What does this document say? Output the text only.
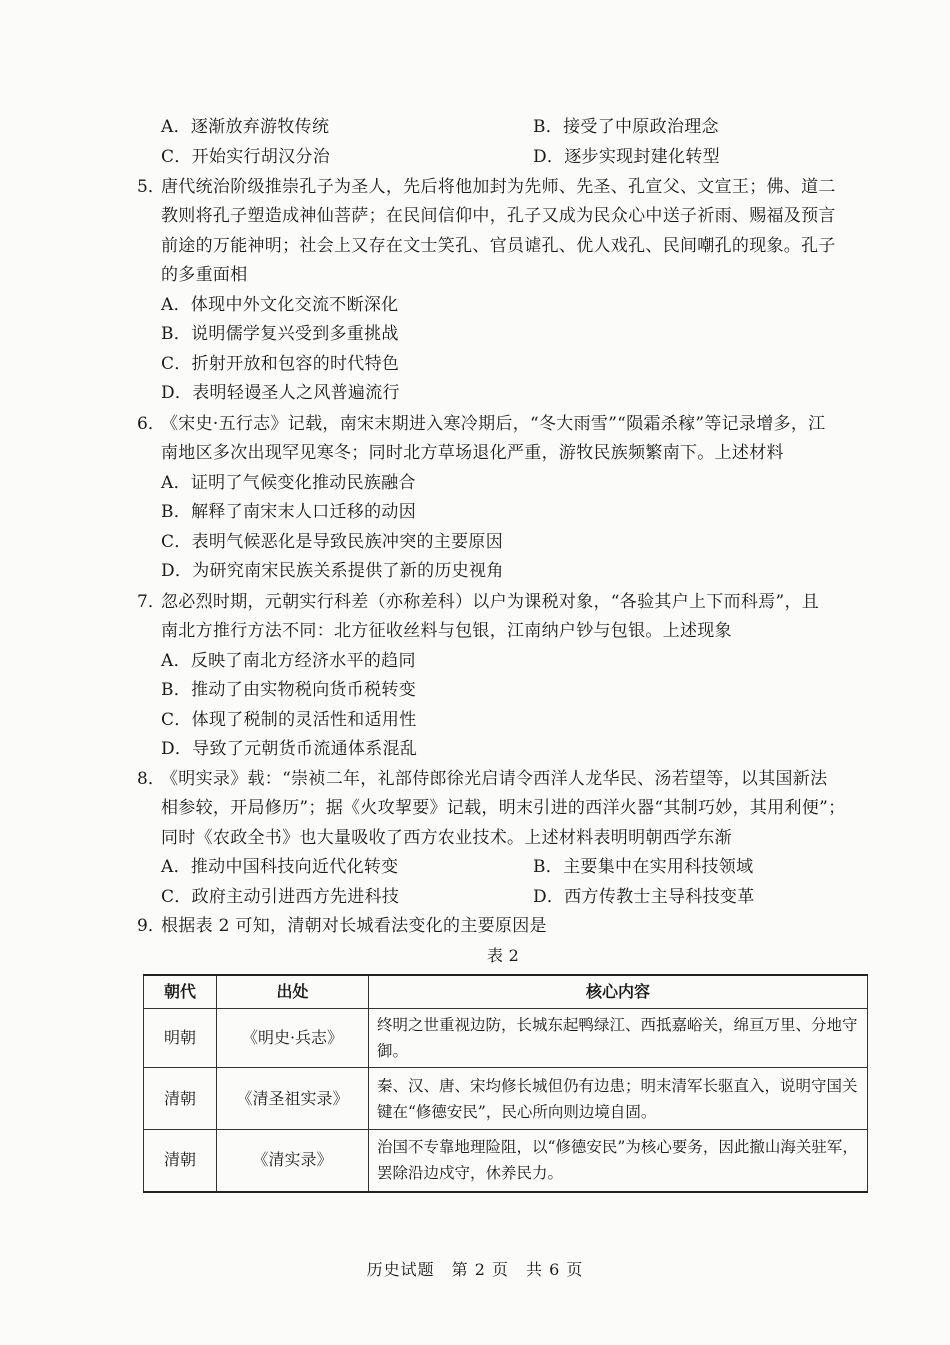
A．逐渐放弃游牧传统	B．接受了中原政治理念
C．开始实行胡汉分治	D．逐步实现封建化转型
5．
唐代统治阶级推崇孔子为圣人，先后将他加封为先师、先圣、孔宣父、文宣王；佛、道二
教则将孔子塑造成神仙菩萨；在民间信仰中，孔子又成为民众心中送子祈雨、赐福及预言
前途的万能神明；社会上又存在文士笑孔、官员谑孔、优人戏孔、民间嘲孔的现象。孔子
的多重面相
A．体现中外文化交流不断深化
B．说明儒学复兴受到多重挑战
C．折射开放和包容的时代特色
D．表明轻谩圣人之风普遍流行
6．
《宋史·五行志》记载，南宋末期进入寒冷期后，“冬大雨雪”“陨霜杀稼”等记录增多，江
南地区多次出现罕见寒冬；同时北方草场退化严重，游牧民族频繁南下。上述材料
A．证明了气候变化推动民族融合
B．解释了南宋末人口迁移的动因
C．表明气候恶化是导致民族冲突的主要原因
D．为研究南宋民族关系提供了新的历史视角
7．
忽必烈时期，元朝实行科差（亦称差科）以户为课税对象，“各验其户上下而科焉”，且
南北方推行方法不同：北方征收丝料与包银，江南纳户钞与包银。上述现象
A．反映了南北方经济水平的趋同
B．推动了由实物税向货币税转变
C．体现了税制的灵活性和适用性
D．导致了元朝货币流通体系混乱
8．
《明实录》载：“崇祯二年，礼部侍郎徐光启请令西洋人龙华民、汤若望等，以其国新法
相参较，开局修历”；据《火攻挈要》记载，明末引进的西洋火器“其制巧妙，其用利便”；
同时《农政全书》也大量吸收了西方农业技术。上述材料表明明朝西学东渐
A．推动中国科技向近代化转变	B．主要集中在实用科技领域
C．政府主动引进西方先进科技	D．西方传教士主导科技变革
9．
根据表 2 可知，清朝对长城看法变化的主要原因是
表 2
朝代	出处	核心内容
明朝	《明史·兵志》	终明之世重视边防，长城东起鸭绿江、西抵嘉峪关，绵亘万里、分地守御。
清朝	《清圣祖实录》	秦、汉、唐、宋均修长城但仍有边患；明末清军长驱直入，说明守国关键在“修德安民”，民心所向则边境自固。
清朝	《清实录》	治国不专靠地理险阻，以“修德安民”为核心要务，因此撤山海关驻军，罢除沿边戍守，休养民力。
历史试题　第 2 页　共 6 页
